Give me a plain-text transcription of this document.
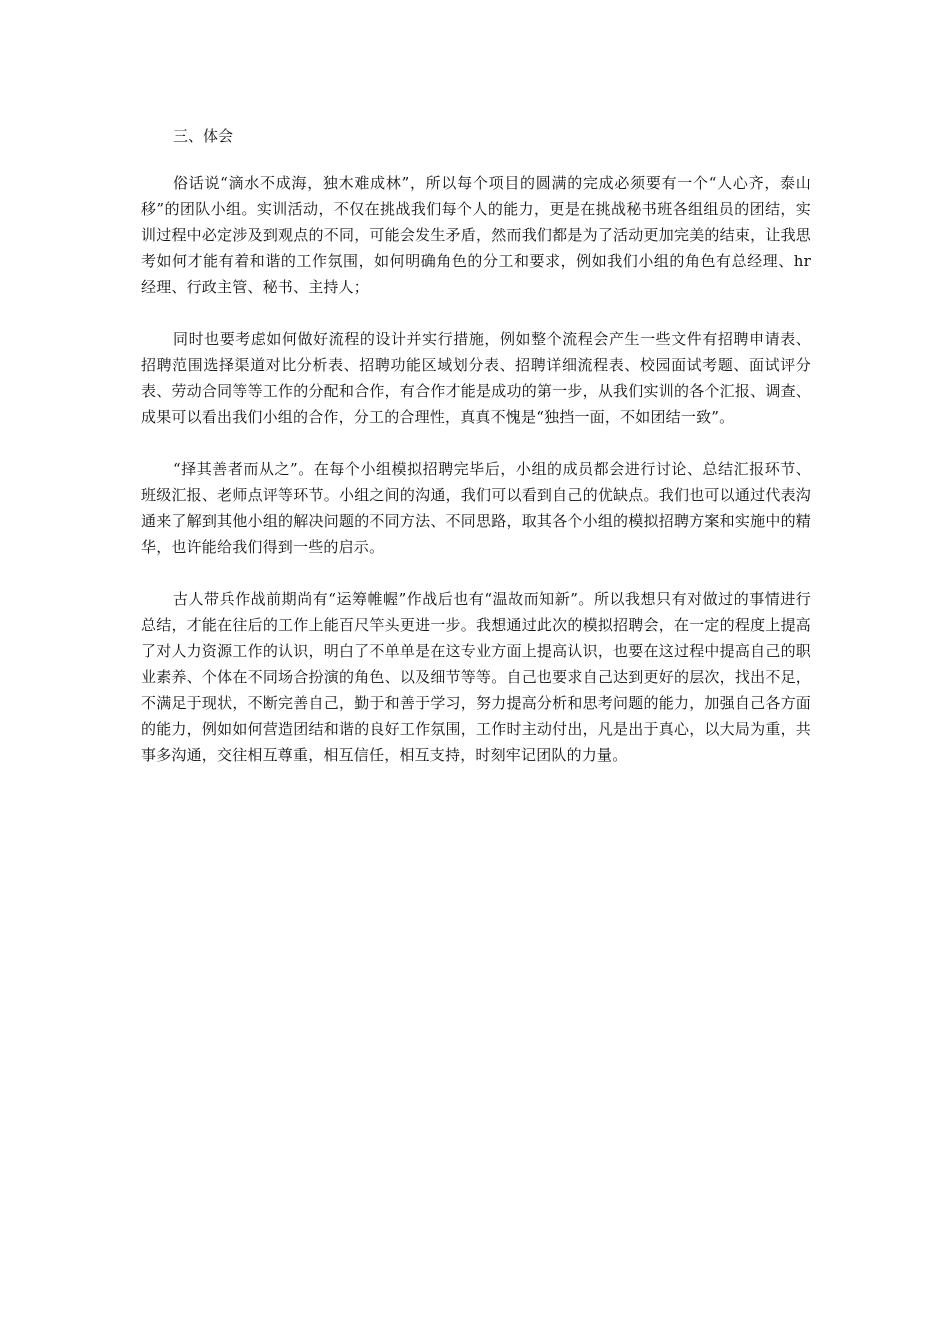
三、体会

俗话说“滴水不成海，独木难成林”，所以每个项目的圆满的完成必须要有一个“人心齐，泰山移”的团队小组。实训活动，不仅在挑战我们每个人的能力，更是在挑战秘书班各组组员的团结，实训过程中必定涉及到观点的不同，可能会发生矛盾，然而我们都是为了活动更加完美的结束，让我思考如何才能有着和谐的工作氛围，如何明确角色的分工和要求，例如我们小组的角色有总经理、hr经理、行政主管、秘书、主持人；

同时也要考虑如何做好流程的设计并实行措施，例如整个流程会产生一些文件有招聘申请表、招聘范围选择渠道对比分析表、招聘功能区域划分表、招聘详细流程表、校园面试考题、面试评分表、劳动合同等等工作的分配和合作，有合作才能是成功的第一步，从我们实训的各个汇报、调查、成果可以看出我们小组的合作，分工的合理性，真真不愧是“独挡一面，不如团结一致”。

“择其善者而从之”。在每个小组模拟招聘完毕后，小组的成员都会进行讨论、总结汇报环节、班级汇报、老师点评等环节。小组之间的沟通，我们可以看到自己的优缺点。我们也可以通过代表沟通来了解到其他小组的解决问题的不同方法、不同思路，取其各个小组的模拟招聘方案和实施中的精华，也许能给我们得到一些的启示。

古人带兵作战前期尚有“运筹帷幄”作战后也有“温故而知新”。所以我想只有对做过的事情进行总结，才能在往后的工作上能百尺竿头更进一步。我想通过此次的模拟招聘会，在一定的程度上提高了对人力资源工作的认识，明白了不单单是在这专业方面上提高认识，也要在这过程中提高自己的职业素养、个体在不同场合扮演的角色、以及细节等等。自己也要求自己达到更好的层次，找出不足，不满足于现状，不断完善自己，勤于和善于学习，努力提高分析和思考问题的能力，加强自己各方面的能力，例如如何营造团结和谐的良好工作氛围，工作时主动付出，凡是出于真心，以大局为重，共事多沟通，交往相互尊重，相互信任，相互支持，时刻牢记团队的力量。
